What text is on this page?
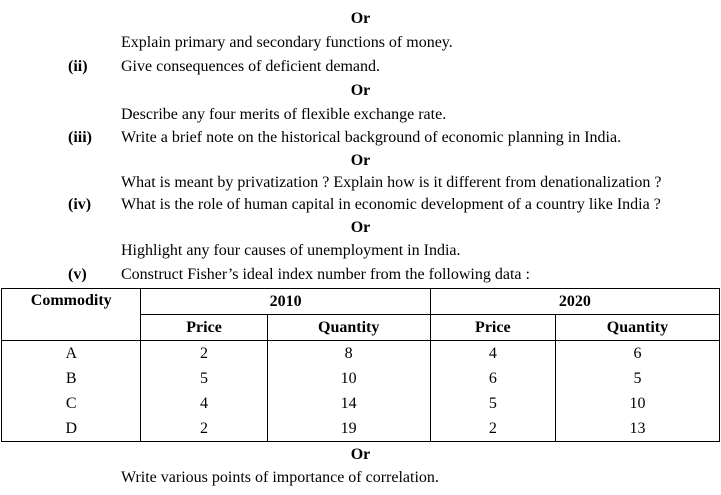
Or
Explain primary and secondary functions of money.
(ii) Give consequences of deficient demand.
Or
Describe any four merits of flexible exchange rate.
(iii) Write a brief note on the historical background of economic planning in India.
Or
What is meant by privatization ? Explain how is it different from denationalization ?
(iv) What is the role of human capital in economic development of a country like India ?
Or
Highlight any four causes of unemployment in India.
(v) Construct Fisher’s ideal index number from the following data :
Commodity	2010		2020	
	Price	Quantity	Price	Quantity
A	2	8	4	6
B	5	10	6	5
C	4	14	5	10
D	2	19	2	13
Or
Write various points of importance of correlation.
